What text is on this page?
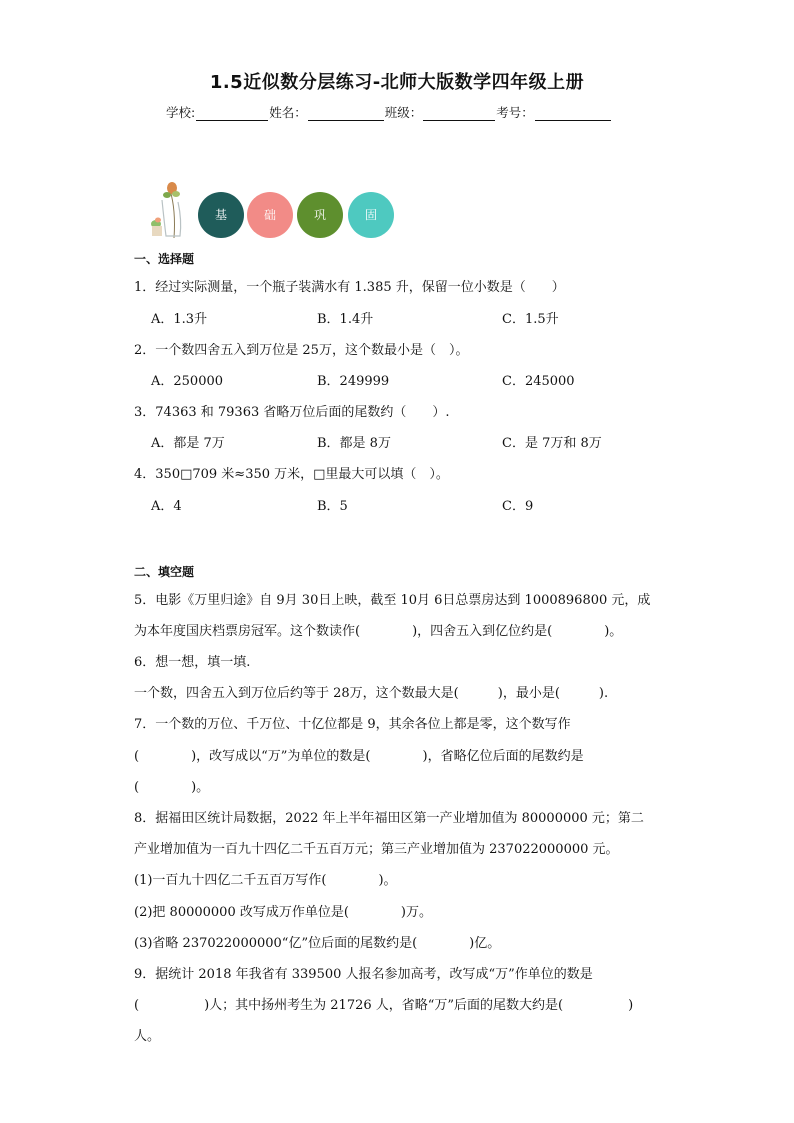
1.5近似数分层练习-北师大版数学四年级上册
学校:	姓名：	班级：	考号：
基	础	巩	固
一、选择题
1．经过实际测量，一个瓶子装满水有 1.385 升，保留一位小数是（　　）
A．1.3升	B．1.4升	C．1.5升
2．一个数四舍五入到万位是 25万，这个数最小是（　）。
A．250000	B．249999	C．245000
3．74363 和 79363 省略万位后面的尾数约（　　）.
A．都是 7万	B．都是 8万	C．是 7万和 8万
4．350□709 米≈350 万米，□里最大可以填（　）。
A．4	B．5	C．9
二、填空题
5．电影《万里归途》自 9月 30日上映，截至 10月 6日总票房达到 1000896800 元，成
为本年度国庆档票房冠军。这个数读作(　　　　)，四舍五入到亿位约是(　　　　)。
6．想一想，填一填.
一个数，四舍五入到万位后约等于 28万，这个数最大是(　　　)，最小是(　　　).
7．一个数的万位、千万位、十亿位都是 9，其余各位上都是零，这个数写作
(　　　　)，改写成以“万”为单位的数是(　　　　)，省略亿位后面的尾数约是
(　　　　)。
8．据福田区统计局数据，2022 年上半年福田区第一产业增加值为 80000000 元；第二
产业增加值为一百九十四亿二千五百万元；第三产业增加值为 237022000000 元。
(1)一百九十四亿二千五百万写作(　　　　)。
(2)把 80000000 改写成万作单位是(　　　　)万。
(3)省略 237022000000“亿”位后面的尾数约是(　　　　)亿。
9．据统计 2018 年我省有 339500 人报名参加高考，改写成“万”作单位的数是
(　　　　　)人；其中扬州考生为 21726 人，省略“万”后面的尾数大约是(　　　　　)
人。
